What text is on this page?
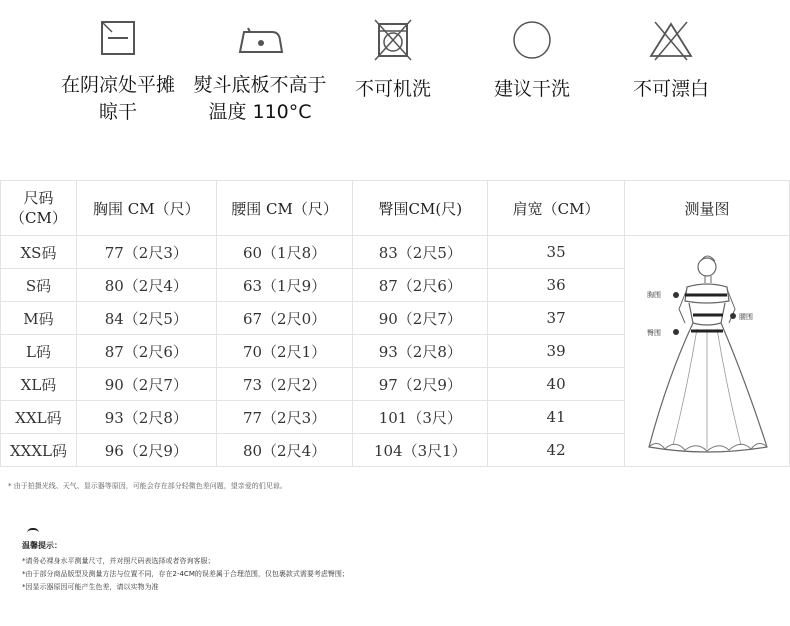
在阴凉处平摊
晾干
熨斗底板不高于
温度 110°C
不可机洗	建议干洗	不可漂白
尺码
（CM）	胸围 CM（尺）	腰围 CM（尺）	臀围CM(尺)	肩宽（CM）	测量图
XS码	77（2尺3）	60（1尺8）	83（2尺5）	35	胸围
腰围
臀围

S码	80（2尺4）	63（1尺9）	87（2尺6）	36	
M码	84（2尺5）	67（2尺0）	90（2尺7）	37	
L码	87（2尺6）	70（2尺1）	93（2尺8）	39	
XL码	90（2尺7）	73（2尺2）	97（2尺9）	40	
XXL码	93（2尺8）	77（2尺3）	101（3尺）	41	
XXXL码	96（2尺9）	80（2尺4）	104（3尺1）	42	
* 由于拍摄光线、天气、显示器等原因，可能会存在部分轻微色差问题，望亲爱的们见谅。
温馨提示：
*请务必裸身水平测量尺寸，并对照尺码表选择或者咨询客服；
*由于部分商品版型及测量方法与位置不同，存在2-4CM的误差属于合理范围，仅包裹款式需要考虑臀围；
*因显示器原因可能产生色差，请以实物为准
